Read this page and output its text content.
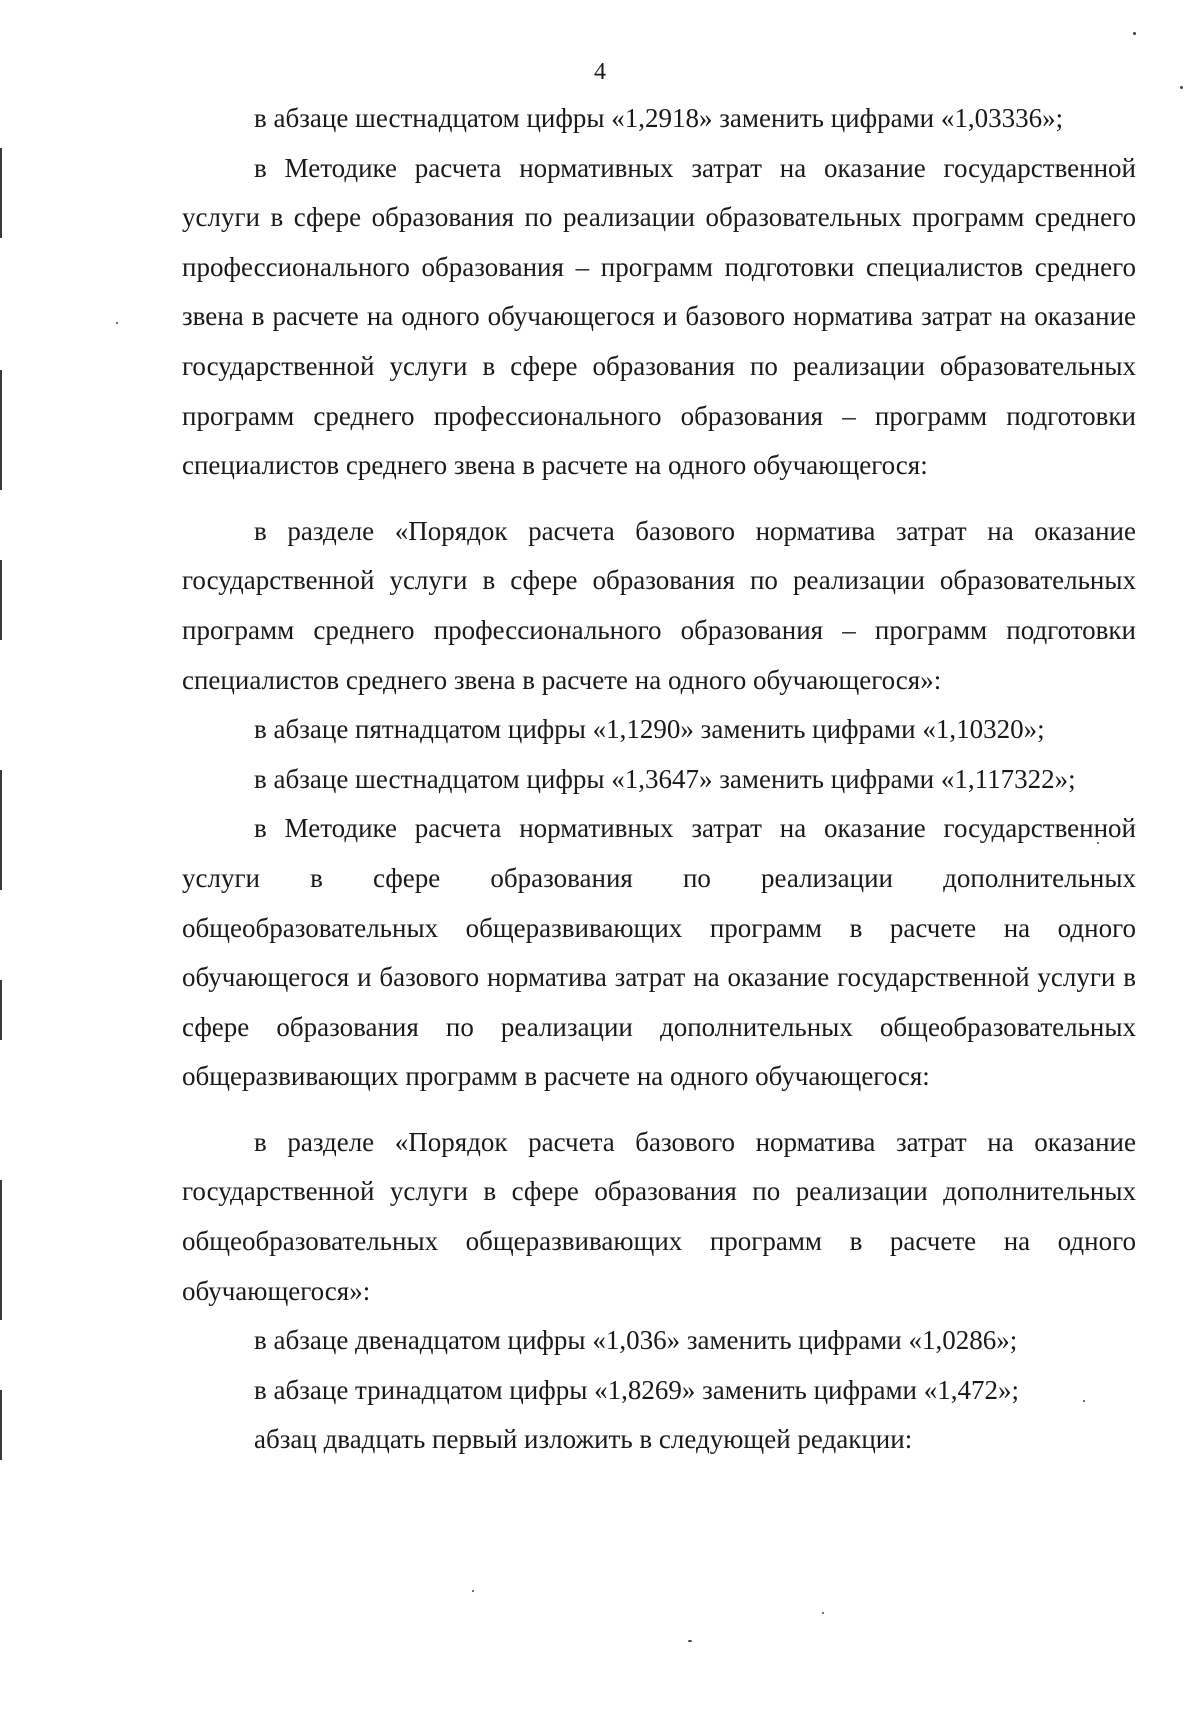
4

в абзаце шестнадцатом цифры «1,2918» заменить цифрами «1,03336»;

в Методике расчета нормативных затрат на оказание государственной услуги в сфере образования по реализации образовательных программ среднего профессионального образования – программ подготовки специалистов среднего звена в расчете на одного обучающегося и базового норматива затрат на оказание государственной услуги в сфере образования по реализации образовательных программ среднего профессионального образования – программ подготовки специалистов среднего звена в расчете на одного обучающегося:

в разделе «Порядок расчета базового норматива затрат на оказание государственной услуги в сфере образования по реализации образовательных программ среднего профессионального образования – программ подготовки специалистов среднего звена в расчете на одного обучающегося»:

в абзаце пятнадцатом цифры «1,1290» заменить цифрами «1,10320»;

в абзаце шестнадцатом цифры «1,3647» заменить цифрами «1,117322»;

в Методике расчета нормативных затрат на оказание государственной услуги в сфере образования по реализации дополнительных общеобразовательных общеразвивающих программ в расчете на одного обучающегося и базового норматива затрат на оказание государственной услуги в сфере образования по реализации дополнительных общеобразовательных общеразвивающих программ в расчете на одного обучающегося:

в разделе «Порядок расчета базового норматива затрат на оказание государственной услуги в сфере образования по реализации дополнительных общеобразовательных общеразвивающих программ в расчете на одного обучающегося»:

в абзаце двенадцатом цифры «1,036» заменить цифрами «1,0286»;

в абзаце тринадцатом цифры «1,8269» заменить цифрами «1,472»;

абзац двадцать первый изложить в следующей редакции:
